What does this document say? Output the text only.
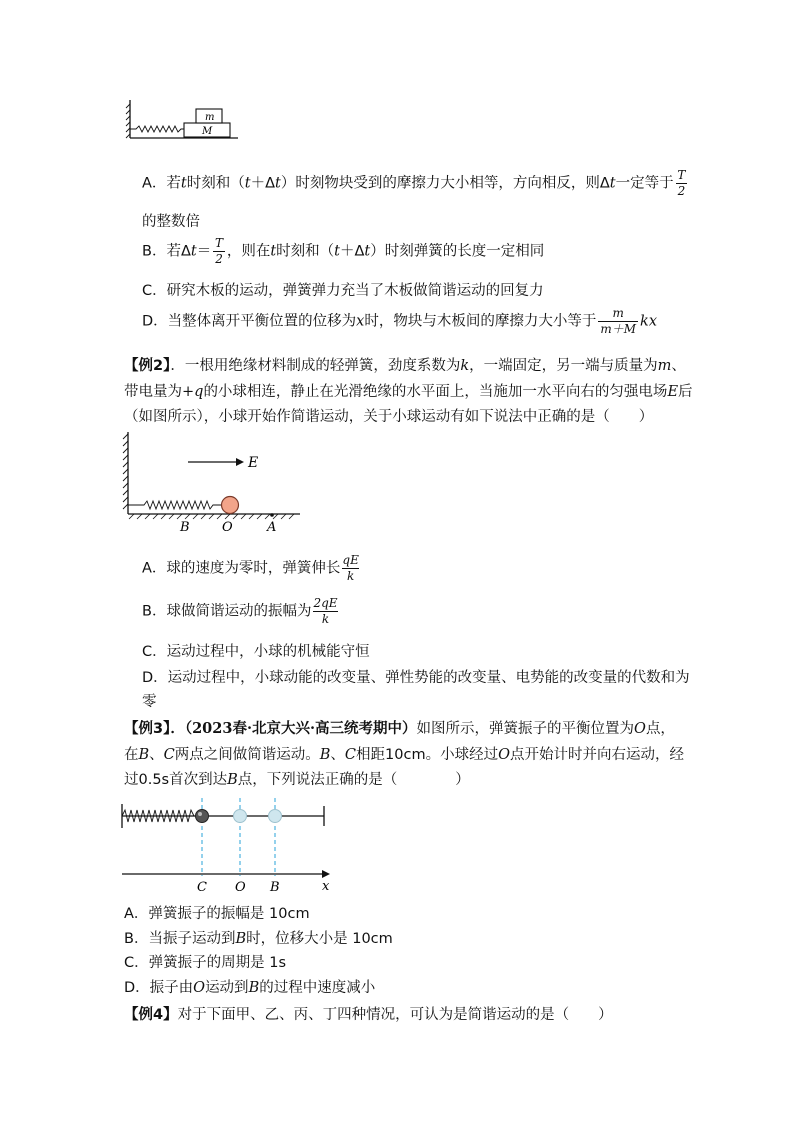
m
M
A．若t时刻和（t＋Δt）时刻物块受到的摩擦力大小相等，方向相反，则Δt一定等于 $\frac{T}{2}$
的整数倍
B．若$\Delta t= \frac{T}{2}$ ，则在t时刻和（t＋Δt）时刻弹簧的长度一定相同
C．研究木板的运动，弹簧弹力充当了木板做简谐运动的回复力
D．当整体离开平衡位置的位移为x时，物块与木板间的摩擦力大小等于 $\frac{m}{m+M}$ kx
【例2】．一根用绝缘材料制成的轻弹簧，劲度系数为k，一端固定，另一端与质量为m、
带电量为+q的小球相连，静止在光滑绝缘的水平面上，当施加一水平向右的匀强电场E后
（如图所示），小球开始作简谐运动，关于小球运动有如下说法中正确的是（　　）
E
B O	A
A．球的速度为零时，弹簧伸长 $\frac{qE}{k}$
B．球做简谐运动的振幅为 $\frac{2qE}{k}$
C．运动过程中，小球的机械能守恒
D．运动过程中，小球动能的改变量、弹性势能的改变量、电势能的改变量的代数和为
零
【例3】．（2023春·北京大兴·高三统考期中）如图所示，弹簧振子的平衡位置为O点，
在B、C两点之间做简谐运动。B、C相距10cm。小球经过O点开始计时并向右运动，经
过0.5s首次到达B点，下列说法正确的是（　　　　）
C O B	x
A．弹簧振子的振幅是 10cm
B．当振子运动到B时，位移大小是 10cm
C．弹簧振子的周期是 1s
D．振子由O运动到B的过程中速度减小
【例4】对于下面甲、乙、丙、丁四种情况，可认为是简谐运动的是（　　）
